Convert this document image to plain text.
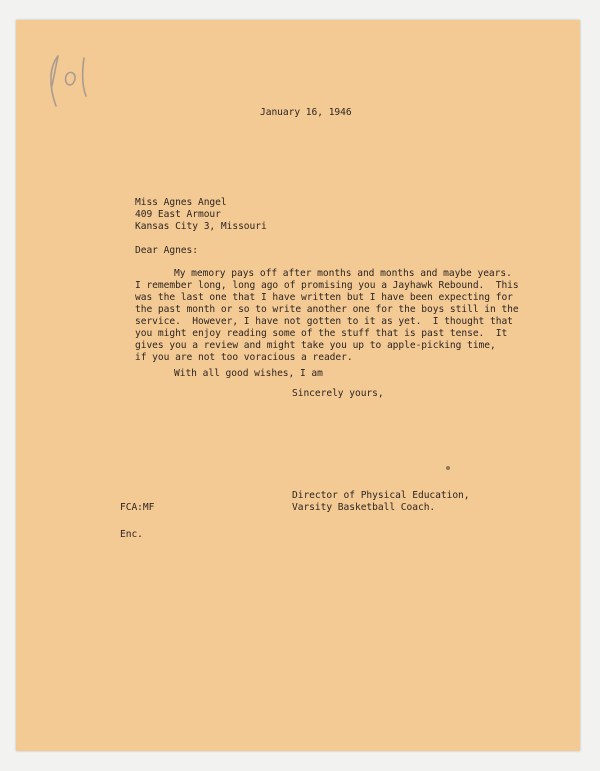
January 16, 1946

Miss Agnes Angel

409 East Armour

Kansas City 3, Missouri

Dear Agnes:

My memory pays off after months and months and maybe years.

I remember long, long ago of promising you a Jayhawk Rebound.  This

was the last one that I have written but I have been expecting for

the past month or so to write another one for the boys still in the

service.  However, I have not gotten to it as yet.  I thought that

you might enjoy reading some of the stuff that is past tense.  It

gives you a review and might take you up to apple-picking time,

if you are not too voracious a reader.

With all good wishes, I am

Sincerely yours,

Director of Physical Education,

Varsity Basketball Coach.

FCA:MF

Enc.
